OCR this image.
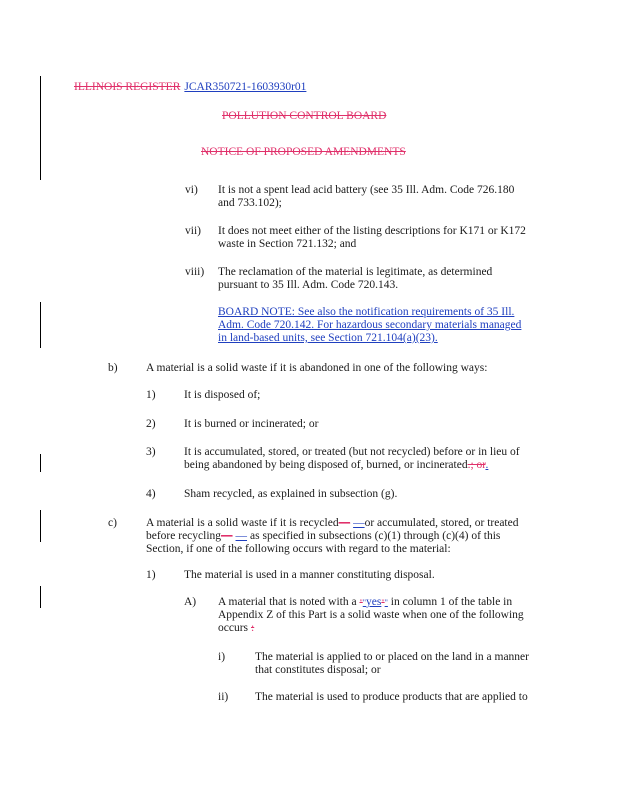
ILLINOIS REGISTER JCAR350721-1603930r01
POLLUTION CONTROL BOARD
NOTICE OF PROPOSED AMENDMENTS
vi) It is not a spent lead acid battery (see 35 Ill. Adm. Code 726.180
and 733.102);
vii) It does not meet either of the listing descriptions for K171 or K172
waste in Section 721.132; and
viii) The reclamation of the material is legitimate, as determined
pursuant to 35 Ill. Adm. Code 720.143.
BOARD NOTE: See also the notification requirements of 35 Ill.
Adm. Code 720.142. For hazardous secondary materials managed
in land-based units, see Section 721.104(a)(23).
b) A material is a solid waste if it is abandoned in one of the following ways:
1) It is disposed of;
2) It is burned or incinerated; or
3) It is accumulated, stored, or treated (but not recycled) before or in lieu of
being abandoned by being disposed of, burned, or incinerated.; or.
4) Sham recycled, as explained in subsection (g).
c)	A material is a solid waste if it is recycled— —or accumulated, stored, or treated
before recycling— — as specified in subsections (c)(1) through (c)(4) of this
Section, if one of the following occurs with regard to the material:
1) The material is used in a manner constituting disposal.
A) A material that is noted with a ""yes"" in column 1 of the table in
Appendix Z of this Part is a solid waste when one of the following
occurs :
i)	The material is applied to or placed on the land in a manner
that constitutes disposal; or
ii) The material is used to produce products that are applied to
